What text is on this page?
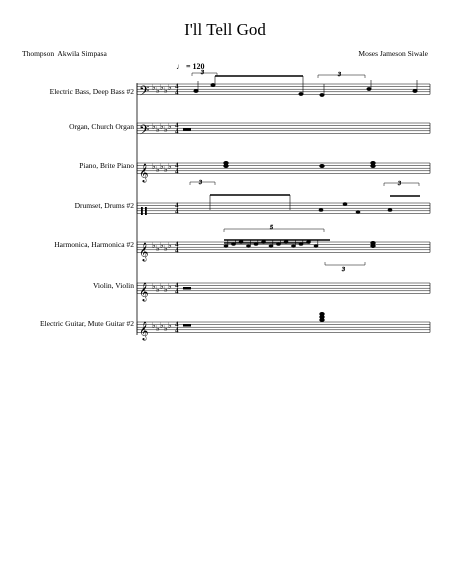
I'll Tell God
Thompson  Akwila Simpasa	Moses Jameson Siwale
♩ = 120
Electric Bass, Deep Bass #2
Organ, Church Organ
Piano, Brite Piano
Drumset, Drums #2
Harmonica, Harmonica #2
Violin, Violin
Electric Guitar, Mute Guitar #2
𝄢
𝄢
𝄞
𝄞
𝄞
𝄞
♭ ♭ ♭ ♭ ♭
♭ ♭ ♭ ♭ ♭
♭ ♭ ♭ ♭ ♭
♭ ♭ ♭ ♭ ♭
♭ ♭ ♭ ♭ ♭
♭ ♭ ♭ ♭ ♭
4
4
4
4
4
4
4
4
4
4
4
4
4
4
3	3
3	3
5
3
